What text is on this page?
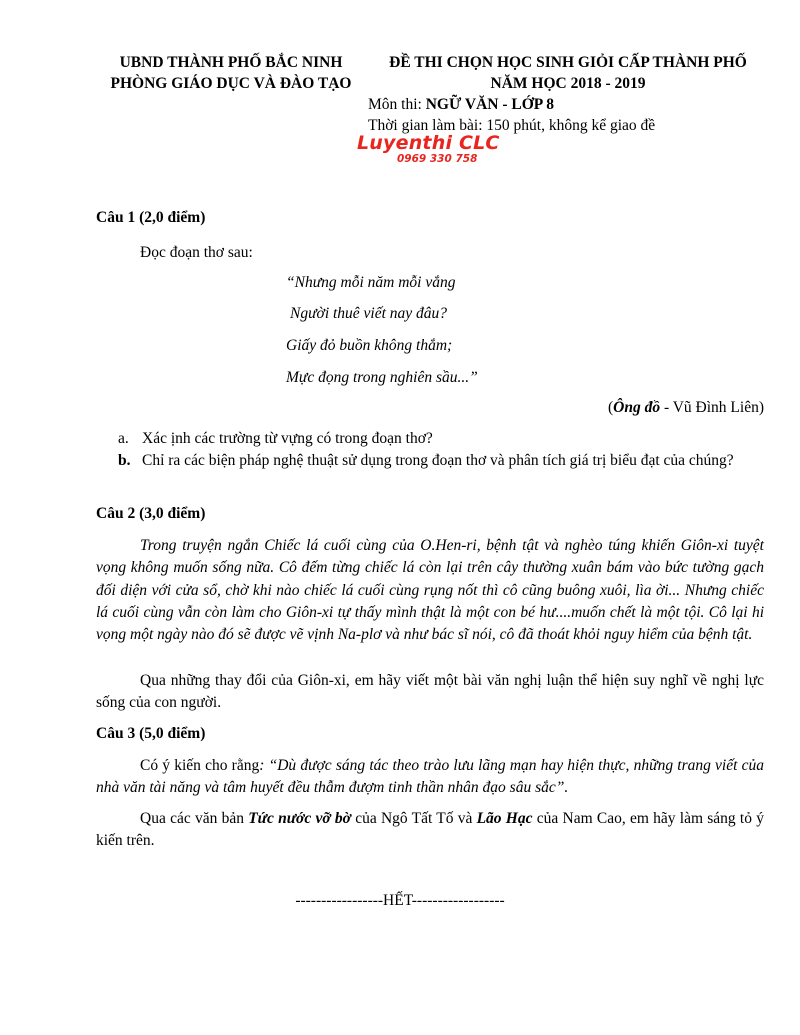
UBND THÀNH PHỐ BẮC NINH
PHÒNG GIÁO DỤC VÀ ĐÀO TẠO
ĐỀ THI CHỌN HỌC SINH GIỎI CẤP THÀNH PHỐ
NĂM HỌC 2018 - 2019
Môn thi: NGỮ VĂN - LỚP 8
Thời gian làm bài: 150 phút, không kể giao đề
Luyenthi CLC
0969 330 758
Câu 1 (2,0 điểm)
Đọc đoạn thơ sau:
“Nhưng mỗi năm mỗi vắng
Người thuê viết nay đâu?
Giấy đỏ buồn không thắm;
Mực đọng trong nghiên sầu...”
(Ông đồ - Vũ Đình Liên)
a. Xác ịnh các trường từ vựng có trong đoạn thơ?
b. Chỉ ra các biện pháp nghệ thuật sử dụng trong đoạn thơ và phân tích giá trị biểu đạt của chúng?
Câu 2 (3,0 điểm)

Trong truyện ngắn Chiếc lá cuối cùng của O.Hen-ri, bệnh tật và nghèo túng khiến Giôn-xi tuyệt vọng không muốn sống nữa. Cô đếm từng chiếc lá còn lại trên cây thường xuân bám vào bức tường gạch đối diện với cửa sổ, chờ khi nào chiếc lá cuối cùng rụng nốt thì cô cũng buông xuôi, lìa ời... Nhưng chiếc lá cuối cùng vẫn còn làm cho Giôn-xi tự thấy mình thật là một con bé hư....muốn chết là một tội. Cô lại hi vọng một ngày nào đó sẽ được vẽ vịnh Na-plơ và như bác sĩ nói, cô đã thoát khỏi nguy hiểm của bệnh tật.

Qua những thay đổi của Giôn-xi, em hãy viết một bài văn nghị luận thể hiện suy nghĩ về nghị lực sống của con người.

Câu 3 (5,0 điểm)

Có ý kiến cho rằng: “Dù được sáng tác theo trào lưu lãng mạn hay hiện thực, những trang viết của nhà văn tài năng và tâm huyết đều thẫm đượm tinh thần nhân đạo sâu sắc”.

Qua các văn bản Tức nước vỡ bờ của Ngô Tất Tố và Lão Hạc của Nam Cao, em hãy làm sáng tỏ ý kiến trên.

-----------------HẾT------------------
